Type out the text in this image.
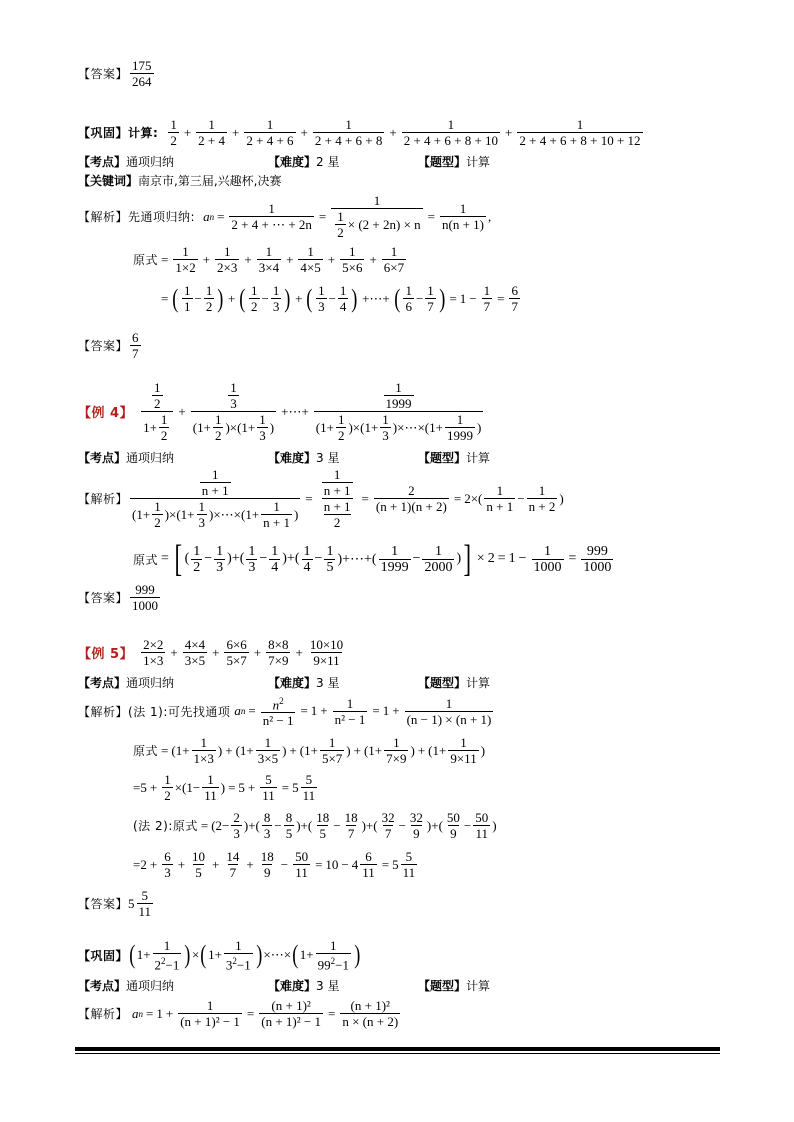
【答案】
175
264
【巩固】 计算:
1
2
+ $\frac{1}{2 + 4} + \frac{1}{2 + 4 + 6} + \frac{1}{2 + 4 + 6 + 8} + \frac{1}{2 + 4 + 6 + 8 + 10} + \frac{1}{2 + 4 + 6 + 8 + 10 + 12}$
【考点】通项归纳	【难度】2 星	【题型】计算
【关键词】南京市,第三届,兴趣杯,决赛
【解析】 先通项归纳: a $n = \frac{1}{2 + 4 + \cdots + 2n} = \frac{1}{\frac{1}{2} \times (2 + 2n) \times n} = \frac{1}{n(n + 1)}$ ,
原式 = $\frac{1}{1\times 2} + \frac{1}{2\times 3} + \frac{1}{3\times 4} + \frac{1}{4\times 5} + \frac{1}{5\times 6} + \frac{1}{6\times 7}$
= ( 1
1
− 1
2 ) + ( 1
2
− 1
3 ) + ( 1
3
− 1
4 ) +⋯+ ( 1
6
− 1
7 ) = $1 - \frac{1}{7} = \frac{6}{7}$
【答案】
6
7
【例 4】
$\frac{1}{2}$
1+
1
2
+ $\frac{1}{3}$
(1+
1
2
)×(1+
1
3
) +⋯+ $\frac{1}{1999}$
(1+
1
2
)×(1+
1
3
)×⋯×(1+
1
1999
)
【考点】通项归纳	【难度】3 星	【题型】计算
【解析】 $\frac{1}{n + 1}$
(1+
1
2
)×(1+
1
3
)×⋯×(1+
1
n + 1
) = $\frac{1}{n + 1}$
n + 1
$2 = \frac{2}{(n + 1)(n + 2)} = 2\times( \frac{1}{n + 1} - 1$
n + 2
)
原式 = [ ( 1
2
− 1
3
)+( 1
3
− 1
4
)+( 1
4
− 1
5
)+⋯+(
1
1999
− 1
2000
) ] × $2 = 1 - \frac{1}{1000} = \frac{999}{1000}$
【答案】
999
1000
【例 5】
2×2
1×3
+ $\frac{4\times 4}{3\times 5} + \frac{6\times 6}{5\times 7} + \frac{8\times 8}{7\times 9} + \frac{10\times 10}{9\times 11}$
【考点】通项归纳	【难度】3 星	【题型】计算
【解析】 (法 1):可先找通项 a $n = \frac{n^2}{\text{n² − 1}} = 1 + \frac{1}{\text{n² − 1}} = 1 + \frac{1}{(n - 1) \times (n + 1)}$
原式 = ($1+ \frac{1}{1\times 3}$ ) + ($1+ \frac{1}{3\times 5}$ ) + ($1+ \frac{1}{5\times 7}$ ) + ($1+ \frac{1}{7\times 9}$ ) + ($1+ \frac{1}{9\times 11}$ )
$=5 + \frac{1}{2} \times(1- \frac{1}{11}$ ) = $5 + \frac{5}{11} = 5 \frac{5}{11}$
(法 2):原式 = ($2- \frac{2}{3}$ )+( 8
3
− 8
5
)+( 18
5
− 18
7
)+( 32
7
− 32
9
)+( 50
9
− 50
11
)
$=2 + \frac{6}{3} + \frac{10}{5} + \frac{14}{7} + \frac{18}{9} - \frac{50}{11} = 10 - 4 \frac{6}{11} = 5 \frac{5}{11}$
【答案】 5 5
11
【巩固】 ( 1+
1
$2^2-1$ ) × ( 1+
1
$3^2-1$ ) ×⋯× ( 1+
1
$99^2-1$ )
【考点】通项归纳	【难度】3 星	【题型】计算
【解析】 a $n = 1 + \frac{1}{\text{(n + 1)² − 1}} = \frac{\text{(n + 1)²}}{\text{(n + 1)² − 1}} = \frac{\text{(n + 1)²}}{n \times (n + 2)}$
